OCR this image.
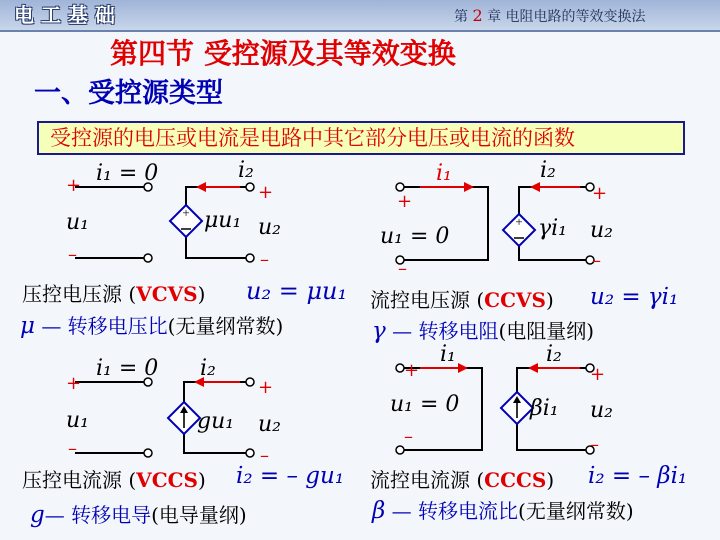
电 工 基 础	第 2 章 电阻电路的等效变换法
第四节 受控源及其等效变换
一、受控源类型
受控源的电压或电流是电路中其它部分电压或电流的函数
+
+
i₁ = 0	i₂
+	+
u₁	u₂
μu₁
–	–
压控电压源 (VCVS) u₂ = μu₁
μ — 转移电压比(无量纲常数)
i₁	i₂
+	+
u₁ = 0	u₂
γi₁
–	–
流控电压源 (CCVS) u₂ = γi₁
γ — 转移电阻(电阻量纲)
i₁ = 0 i₂
+	+
u₁	u₂
gu₁
–	–
压控电流源 (VCCS) i₂ = – gu₁
g— 转移电导(电导量纲)
i₁	i₂
+	+
u₁ = 0	u₂
βi₁
–	–
流控电流源 (CCCS) i₂ = – βi₁
β — 转移电流比(无量纲常数)
